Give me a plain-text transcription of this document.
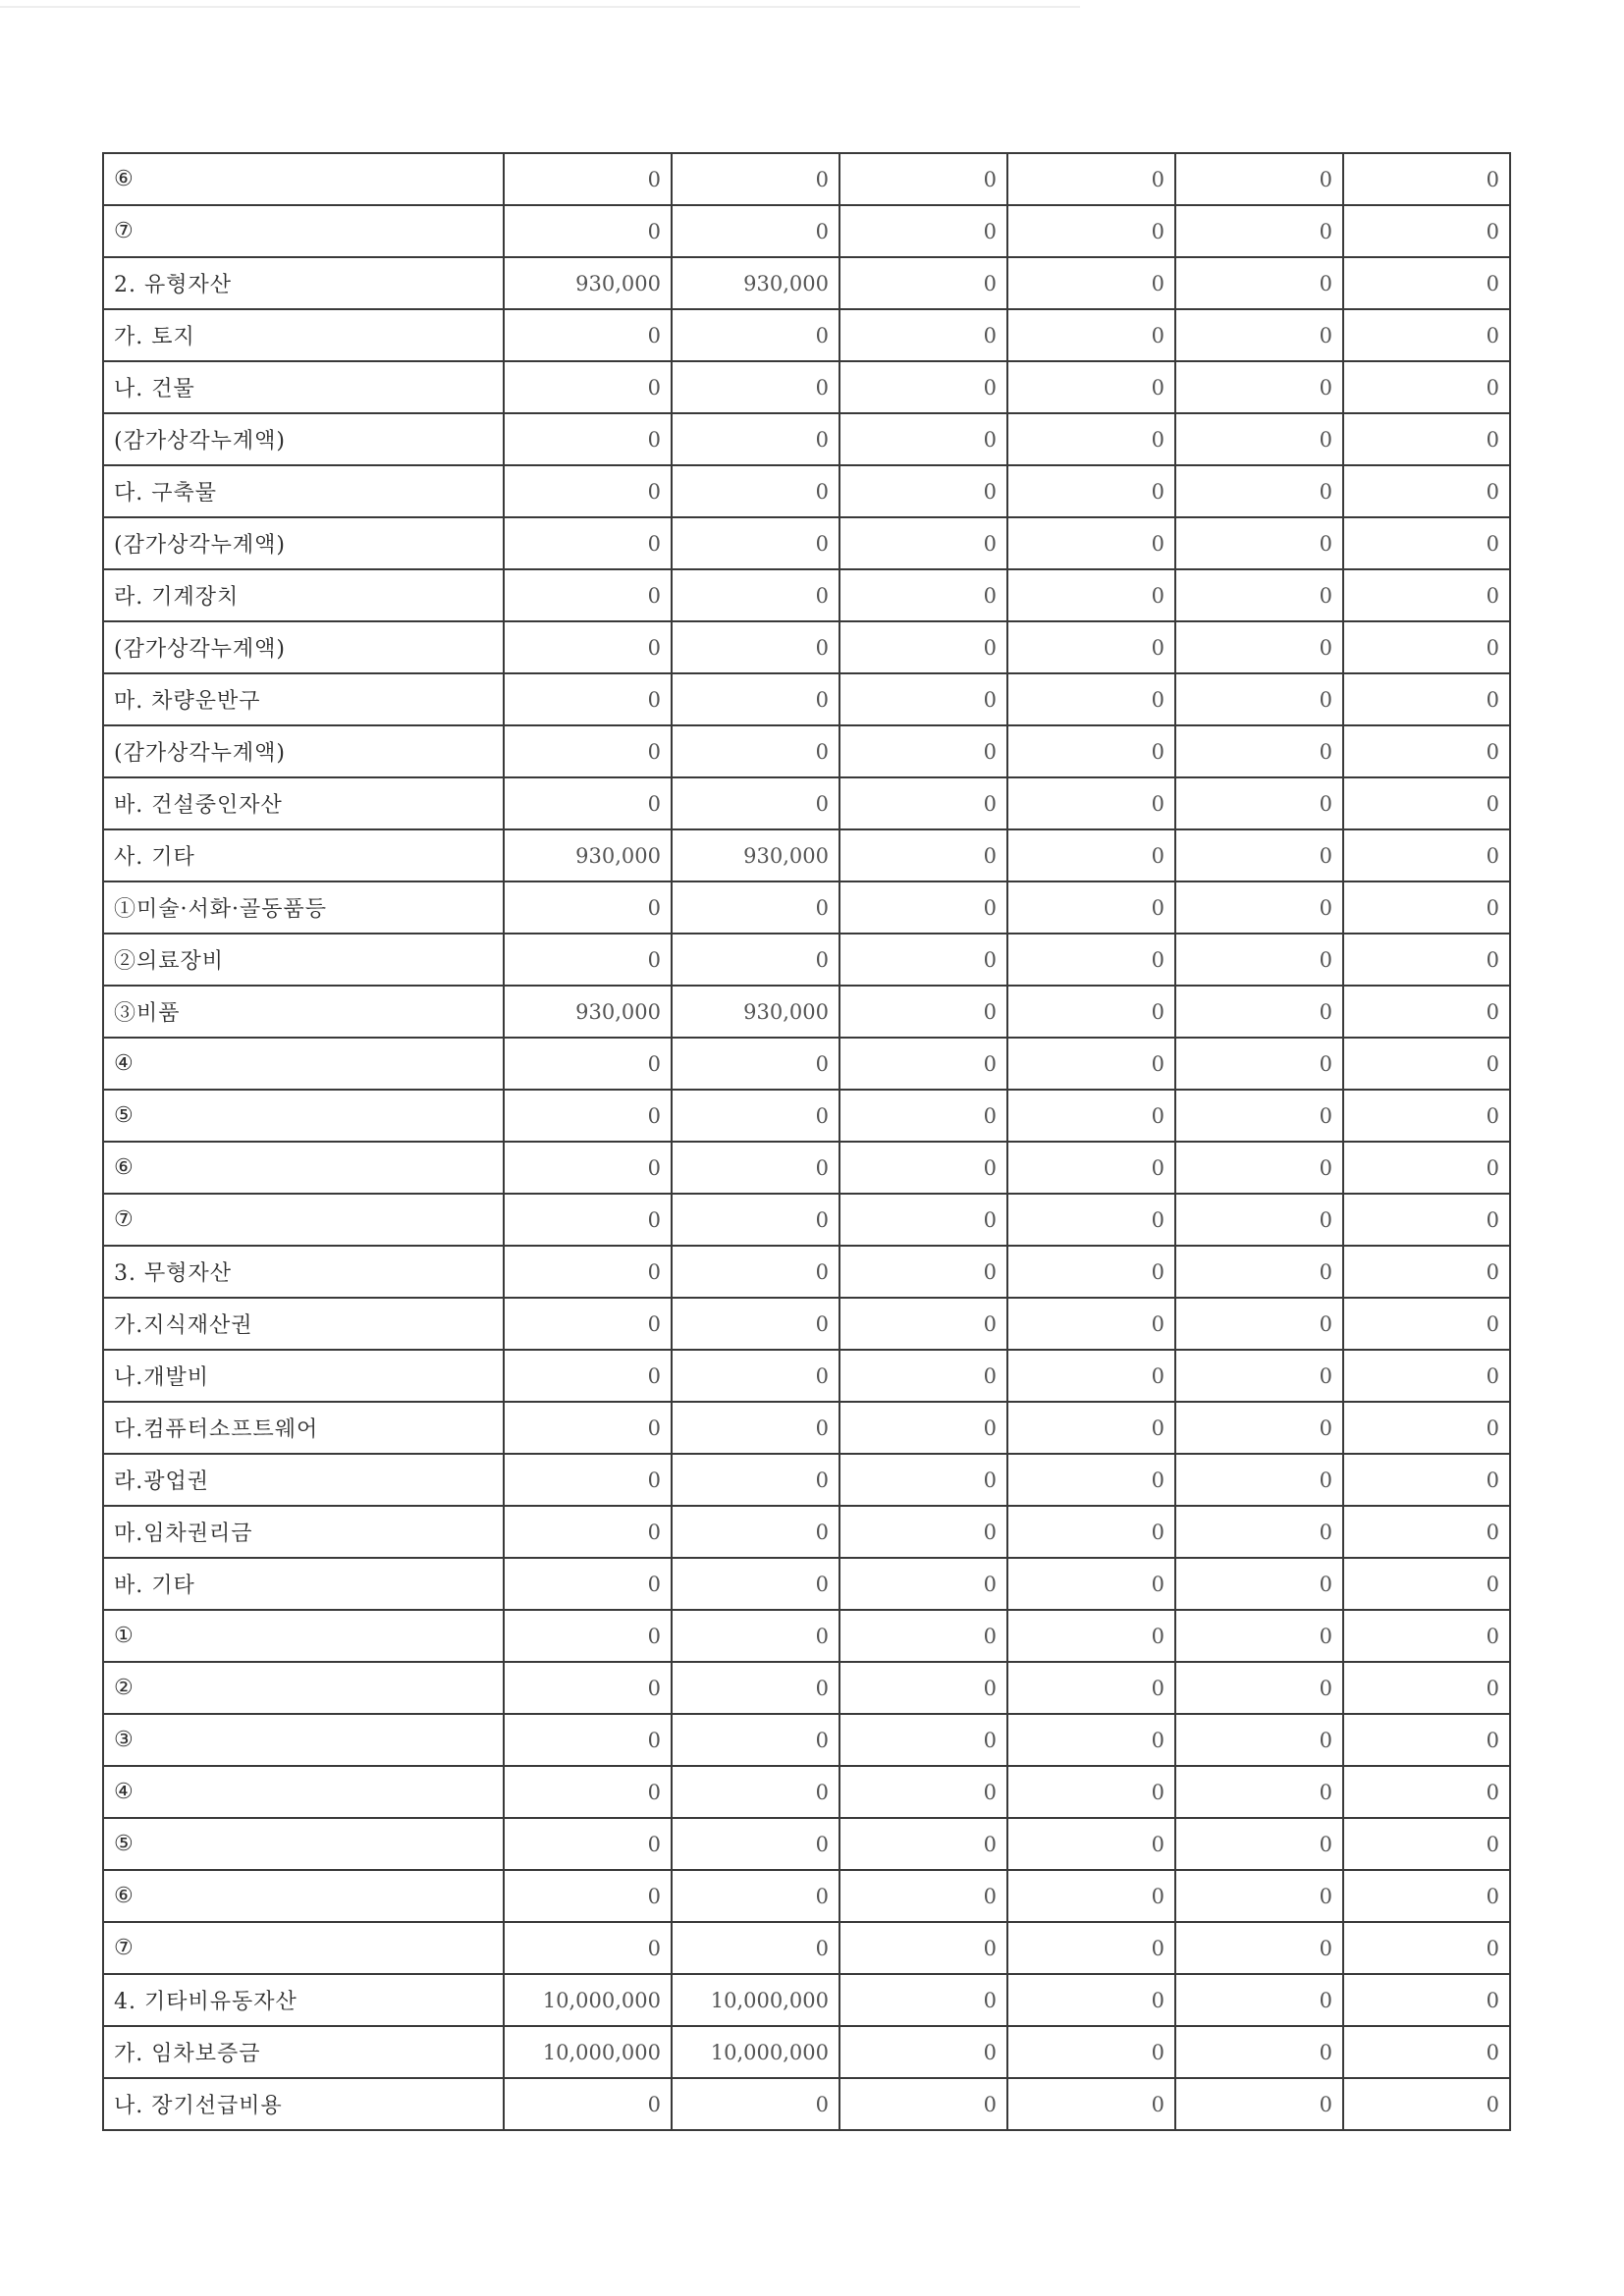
⑥	0	0	0	0	0	0
⑦	0	0	0	0	0	0
2. 유형자산	930,000	930,000	0	0	0	0
가. 토지	0	0	0	0	0	0
나. 건물	0	0	0	0	0	0
(감가상각누계액)	0	0	0	0	0	0
다. 구축물	0	0	0	0	0	0
(감가상각누계액)	0	0	0	0	0	0
라. 기계장치	0	0	0	0	0	0
(감가상각누계액)	0	0	0	0	0	0
마. 차량운반구	0	0	0	0	0	0
(감가상각누계액)	0	0	0	0	0	0
바. 건설중인자산	0	0	0	0	0	0
사. 기타	930,000	930,000	0	0	0	0
①미술·서화·골동품등	0	0	0	0	0	0
②의료장비	0	0	0	0	0	0
③비품	930,000	930,000	0	0	0	0
④	0	0	0	0	0	0
⑤	0	0	0	0	0	0
⑥	0	0	0	0	0	0
⑦	0	0	0	0	0	0
3. 무형자산	0	0	0	0	0	0
가.지식재산권	0	0	0	0	0	0
나.개발비	0	0	0	0	0	0
다.컴퓨터소프트웨어	0	0	0	0	0	0
라.광업권	0	0	0	0	0	0
마.임차권리금	0	0	0	0	0	0
바. 기타	0	0	0	0	0	0
①	0	0	0	0	0	0
②	0	0	0	0	0	0
③	0	0	0	0	0	0
④	0	0	0	0	0	0
⑤	0	0	0	0	0	0
⑥	0	0	0	0	0	0
⑦	0	0	0	0	0	0
4. 기타비유동자산	10,000,000	10,000,000	0	0	0	0
가. 임차보증금	10,000,000	10,000,000	0	0	0	0
나. 장기선급비용	0	0	0	0	0	0
